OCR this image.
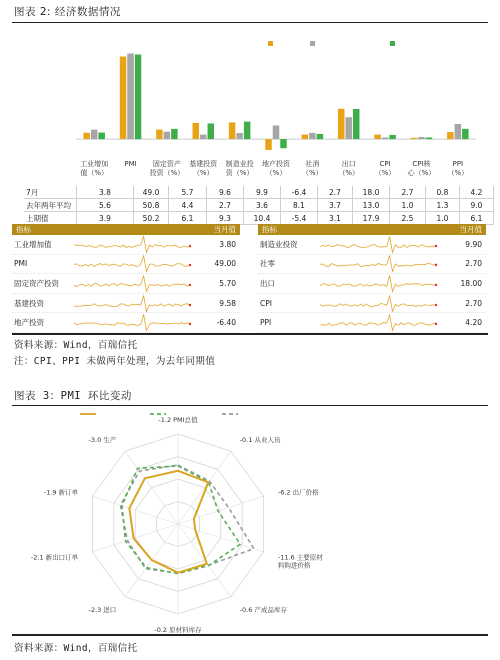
图表 2: 经济数据情况
工业增加值（%）
PMI	固定资产投资（%）
基建投资（%）
制造业投资（%）
地产投资（%）
社消（%）
出口（%）
CPI （%）
CPI核心（%）
PPI （%）
7月	3.8	49.0	5.7	9.6	9.9	-6.4	2.7	18.0	2.7	0.8	4.2
去年两年平均	5.6	50.8	4.4	2.7	3.6	8.1	3.7	13.0	1.0	1.3	9.0
上期值	3.9	50.2	6.1	9.3	10.4	-5.4	3.1	17.9	2.5	1.0	6.1
指标	当月值
工业增加值	3.80
PMI	49.00
固定资产投资	5.70
基建投资	9.58
地产投资	-6.40
指标	当月值
制造业投资	9.90
社零	2.70
出口	18.00
CPI	2.70
PPI	4.20
资料来源：Wind，百瑞信托
注：CPI、PPI 未做两年处理，为去年同期值
图表 3：PMI 环比变动
-1.2 PMI总值
-0.1 从业人员
-6.2 出厂价格
-11.6 主要原材料购进价格
-0.6 产成品库存
-0.2 原材料库存
-2.3 进口
-2.1 新出口订单
-1.9 新订单
-3.0 生产
资料来源：Wind，百瑞信托
